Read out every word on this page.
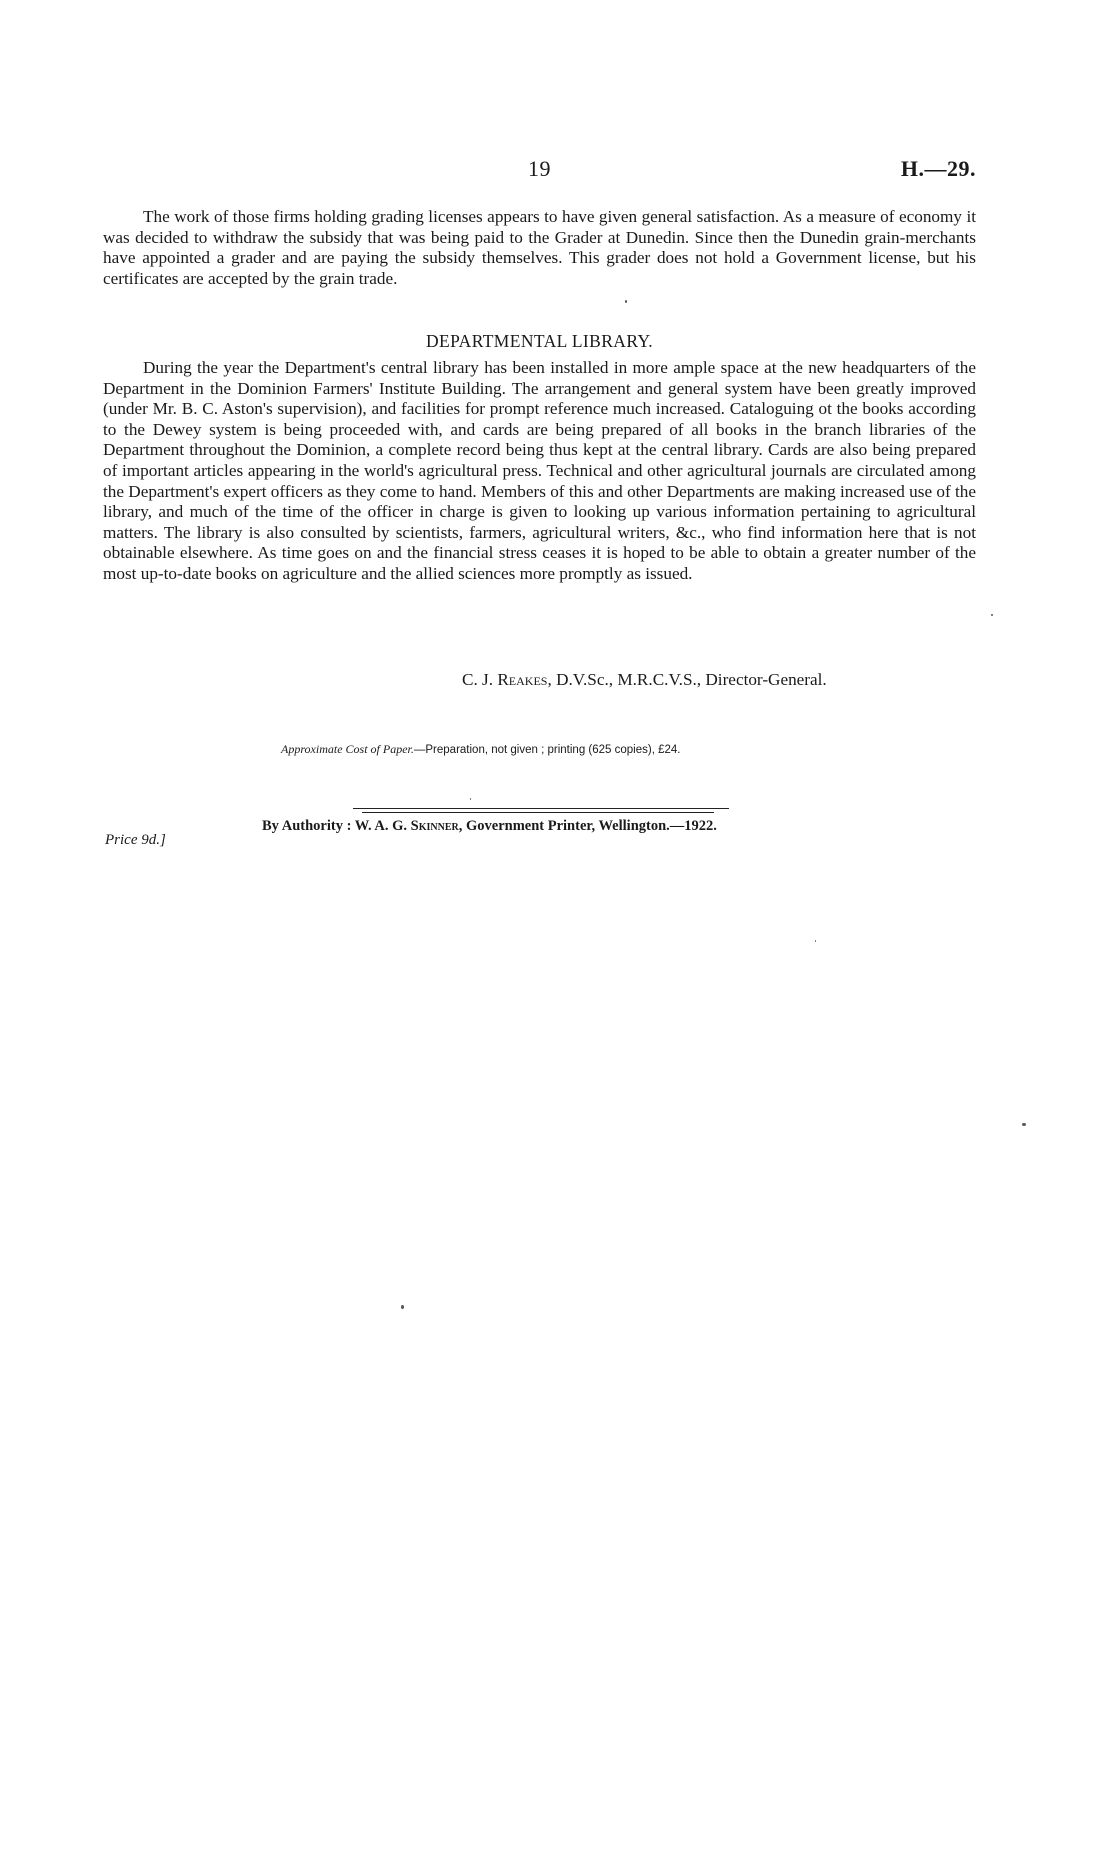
19	H.—29.

The work of those firms holding grading licenses appears to have given general satisfaction. As a measure of economy it was decided to withdraw the subsidy that was being paid to the Grader at Dunedin. Since then the Dunedin grain-merchants have appointed a grader and are paying the subsidy themselves. This grader does not hold a Government license, but his certificates are accepted by the grain trade.

DEPARTMENTAL LIBRARY.

During the year the Department's central library has been installed in more ample space at the new headquarters of the Department in the Dominion Farmers' Institute Building. The arrangement and general system have been greatly improved (under Mr. B. C. Aston's supervision), and facilities for prompt reference much increased. Cataloguing ot the books according to the Dewey system is being proceeded with, and cards are being prepared of all books in the branch libraries of the Department throughout the Dominion, a complete record being thus kept at the central library. Cards are also being prepared of important articles appearing in the world's agricultural press. Technical and other agricultural journals are circulated among the Department's expert officers as they come to hand. Members of this and other Departments are making increased use of the library, and much of the time of the officer in charge is given to looking up various information pertaining to agricultural matters. The library is also consulted by scientists, farmers, agricultural writers, &c., who find information here that is not obtainable elsewhere. As time goes on and the financial stress ceases it is hoped to be able to obtain a greater number of the most up-to-date books on agriculture and the allied sciences more promptly as issued.

C. J. Reakes, D.V.Sc., M.R.C.V.S., Director-General.
Approximate Cost of Paper.—Preparation, not given ; printing (625 copies), £24.
By Authority : W. A. G. Skinner, Government Printer, Wellington.—1922.
Price 9d.]
